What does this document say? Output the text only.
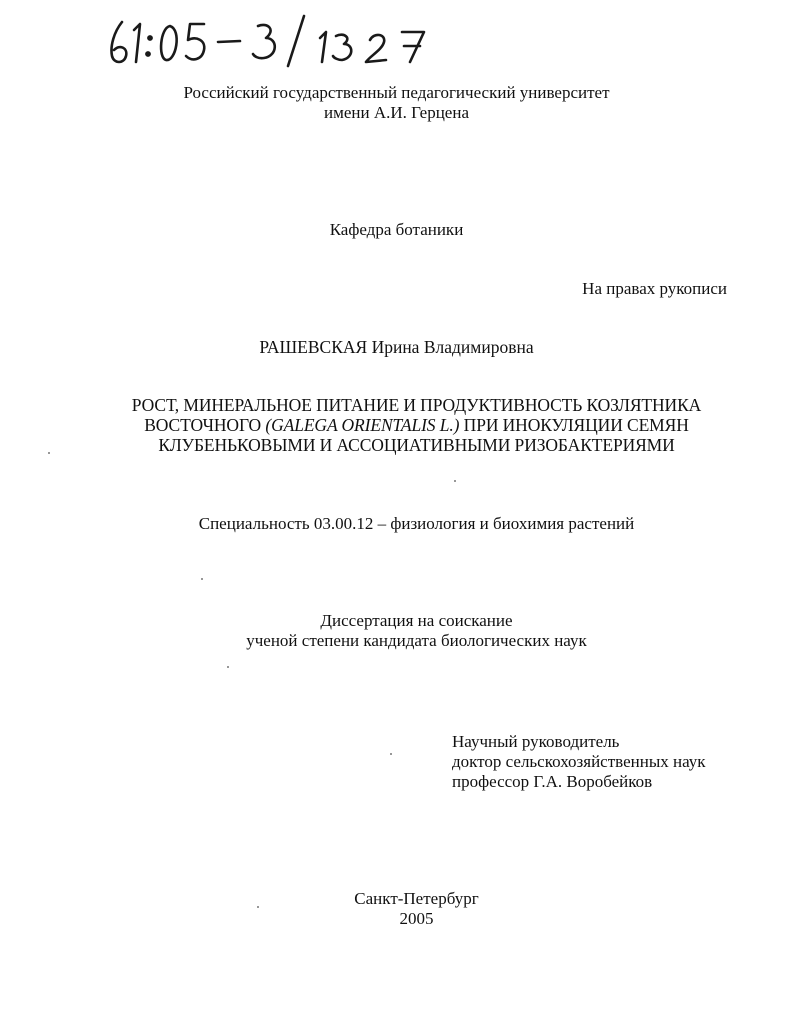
Российский государственный педагогический университет
имени А.И. Герцена
Кафедра ботаники
На правах рукописи
РАШЕВСКАЯ Ирина Владимировна
РОСТ, МИНЕРАЛЬНОЕ ПИТАНИЕ И ПРОДУКТИВНОСТЬ КОЗЛЯТНИКА
ВОСТОЧНОГО (GALEGA ORIENTALIS L.) ПРИ ИНОКУЛЯЦИИ СЕМЯН
КЛУБЕНЬКОВЫМИ И АССОЦИАТИВНЫМИ РИЗОБАКТЕРИЯМИ
Специальность 03.00.12 – физиология и биохимия растений
Диссертация на соискание
ученой степени кандидата биологических наук
Научный руководитель
доктор сельскохозяйственных наук
профессор Г.А. Воробейков
Санкт-Петербург
2005
